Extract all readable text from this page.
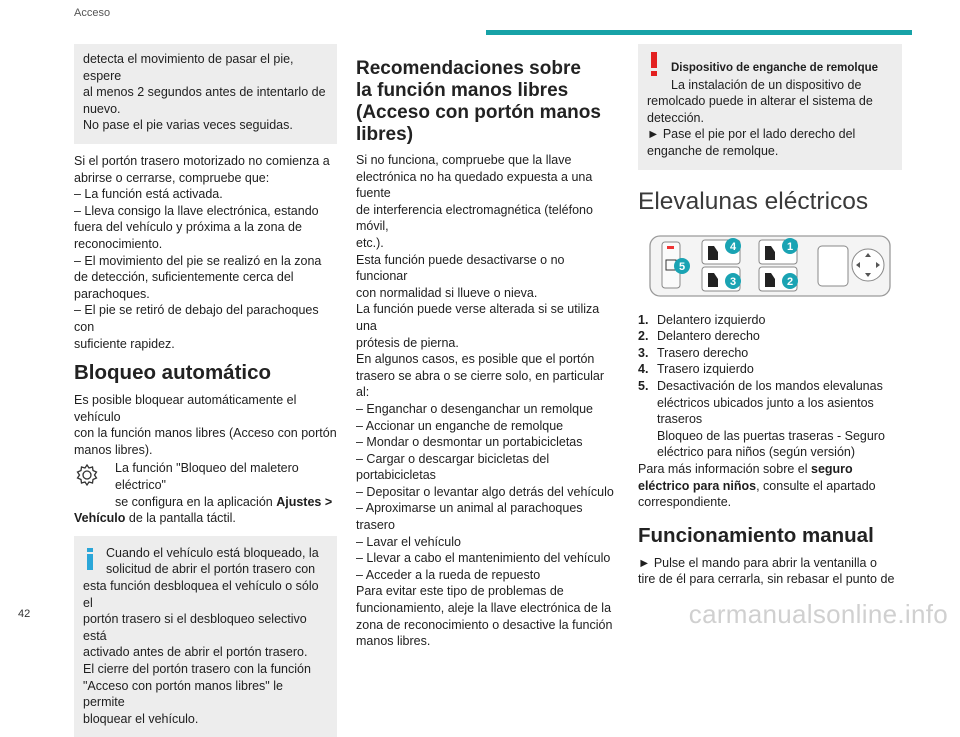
Acceso
detecta el movimiento de pasar el pie, espere
al menos 2 segundos antes de intentarlo de
nuevo.
No pase el pie varias veces seguidas.
Si el portón trasero motorizado no comienza a
abrirse o cerrarse, compruebe que:
– La función está activada.
– Lleva consigo la llave electrónica, estando
fuera del vehículo y próxima a la zona de
reconocimiento.
– El movimiento del pie se realizó en la zona
de detección, suficientemente cerca del
parachoques.
– El pie se retiró de debajo del parachoques con
suficiente rapidez.
Bloqueo automático
Es posible bloquear automáticamente el vehículo
con la función manos libres (Acceso con portón
manos libres).
La función "Bloqueo del maletero eléctrico"
se configura en la aplicación Ajustes >
Vehículo de la pantalla táctil.
Cuando el vehículo está bloqueado, la
solicitud de abrir el portón trasero con
esta función desbloquea el vehículo o sólo el
portón trasero si el desbloqueo selectivo está
activado antes de abrir el portón trasero.
El cierre del portón trasero con la función
"Acceso con portón manos libres" le permite
bloquear el vehículo.
Recomendaciones sobre
la función manos libres
(Acceso con portón manos
libres)
Si no funciona, compruebe que la llave
electrónica no ha quedado expuesta a una fuente
de interferencia electromagnética (teléfono móvil,
etc.).
Esta función puede desactivarse o no funcionar
con normalidad si llueve o nieva.
La función puede verse alterada si se utiliza una
prótesis de pierna.
En algunos casos, es posible que el portón
trasero se abra o se cierre solo, en particular al:
– Enganchar o desenganchar un remolque
– Accionar un enganche de remolque
– Mondar o desmontar un portabicicletas
– Cargar o descargar bicicletas del
portabicicletas
– Depositar o levantar algo detrás del vehículo
– Aproximarse un animal al parachoques trasero
– Lavar el vehículo
– Llevar a cabo el mantenimiento del vehículo
– Acceder a la rueda de repuesto
Para evitar este tipo de problemas de
funcionamiento, aleje la llave electrónica de la
zona de reconocimiento o desactive la función
manos libres.
Dispositivo de enganche de remolque
La instalación de un dispositivo de
remolcado puede in alterar el sistema de
detección.
► Pase el pie por el lado derecho del
enganche de remolque.
Elevalunas eléctricos
1
2
3
4
5
1. Delantero izquierdo
2. Delantero derecho
3. Trasero derecho
4. Trasero izquierdo
5. Desactivación de los mandos elevalunas
eléctricos ubicados junto a los asientos
traseros
Bloqueo de las puertas traseras - Seguro
eléctrico para niños (según versión)
Para más información sobre el seguro
eléctrico para niños, consulte el apartado
correspondiente.
Funcionamiento manual
► Pulse el mando para abrir la ventanilla o
tire de él para cerrarla, sin rebasar el punto de
42	carmanualsonline.info
